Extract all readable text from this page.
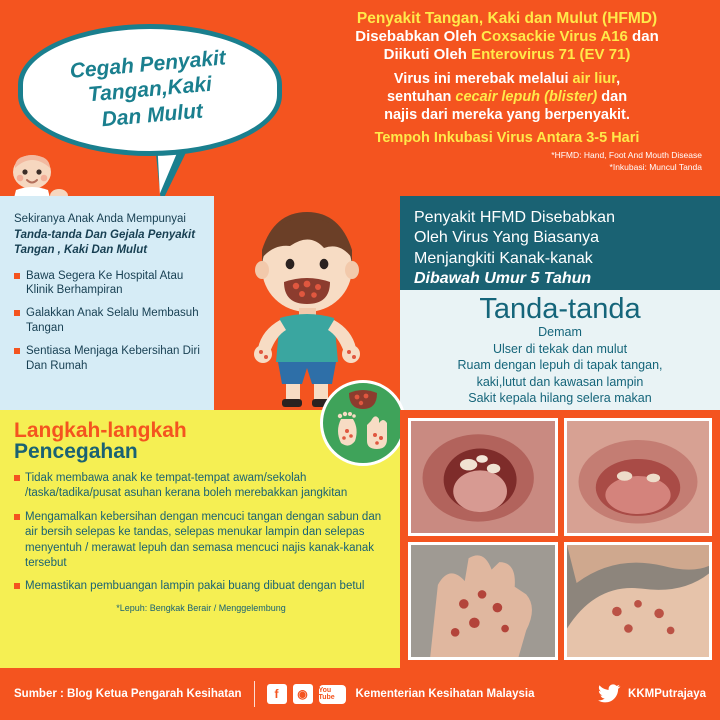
Penyakit Tangan, Kaki dan Mulut (HFMD)
Disebabkan Oleh Coxsackie Virus A16 dan
Diikuti Oleh Enterovirus 71 (EV 71)
Virus ini merebak melalui air liur,
sentuhan cecair lepuh (blister) dan
najis dari mereka yang berpenyakit.
Tempoh Inkubasi Virus Antara 3-5 Hari
*HFMD: Hand, Foot And Mouth Disease
*Inkubasi: Muncul Tanda
Cegah Penyakit
Tangan,Kaki
Dan Mulut
Sekiranya Anak Anda Mempunyai
Tanda-tanda Dan Gejala Penyakit
Tangan , Kaki Dan Mulut
Bawa Segera Ke Hospital Atau Klinik Berhampiran
Galakkan Anak Selalu Membasuh Tangan
Sentiasa Menjaga Kebersihan Diri Dan Rumah
Penyakit HFMD Disebabkan
Oleh Virus Yang Biasanya
Menjangkiti Kanak-kanak
Dibawah Umur 5 Tahun
Tanda-tanda
Demam
Ulser di tekak dan mulut
Ruam dengan lepuh di tapak tangan,
kaki,lutut dan kawasan lampin
Sakit kepala hilang selera makan
Langkah-langkah
Pencegahan
Tidak membawa anak ke tempat-tempat awam/sekolah /taska/tadika/pusat asuhan kerana boleh merebakkan jangkitan
Mengamalkan kebersihan dengan mencuci tangan dengan sabun dan air bersih selepas ke tandas, selepas menukar lampin dan selepas menyentuh / merawat lepuh dan semasa mencuci najis kanak-kanak tersebut
Memastikan pembuangan lampin pakai buang dibuat dengan betul
*Lepuh: Bengkak Berair / Menggelembung
Sumber : Blog Ketua Pengarah Kesihatan	f	◉	You Tube	Kementerian Kesihatan Malaysia	KKMPutrajaya
